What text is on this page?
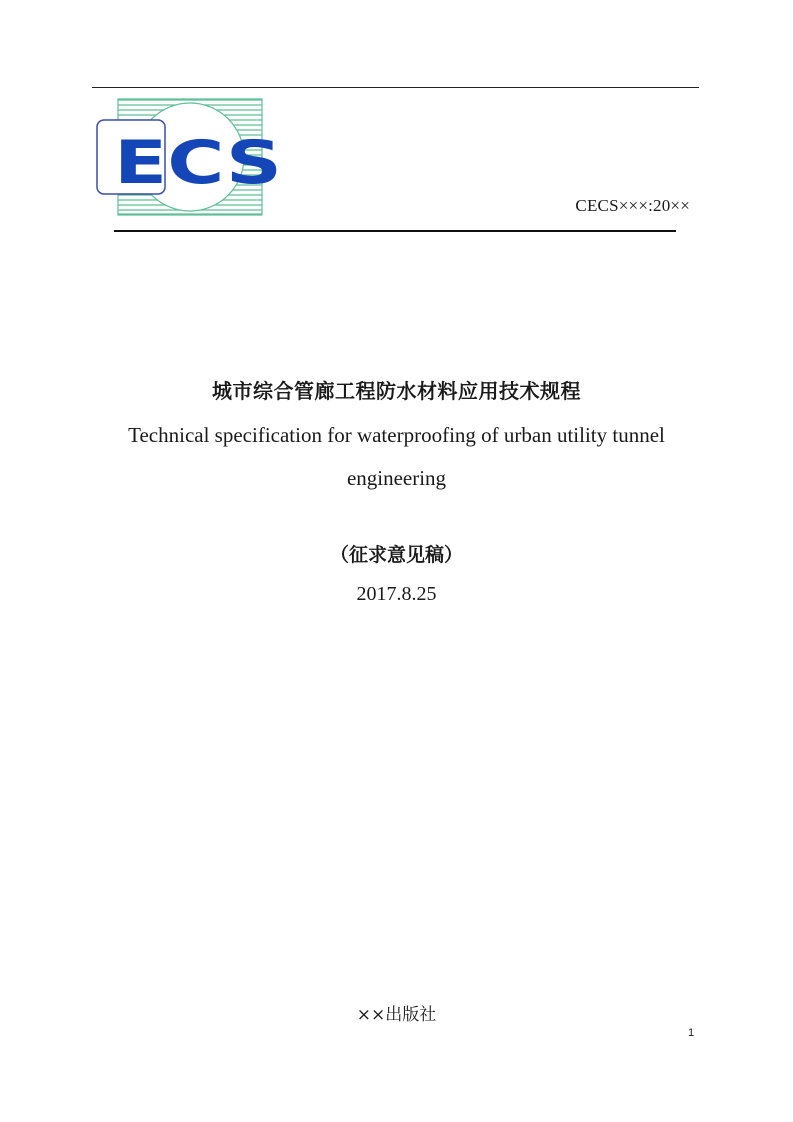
ECS
CECS×××:20××
城市综合管廊工程防水材料应用技术规程
Technical specification for waterproofing of urban utility tunnel engineering
（征求意见稿）
2017.8.25
××出版社
1
